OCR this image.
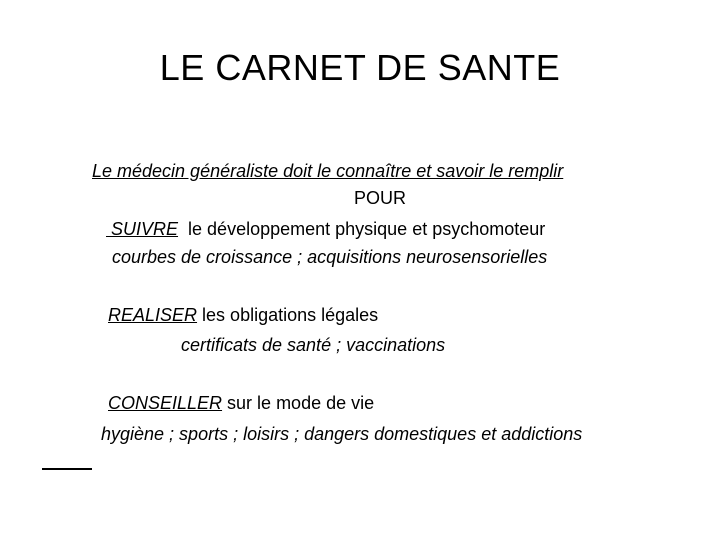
LE CARNET DE SANTE
Le médecin généraliste doit le connaître et savoir le remplir
POUR
SUIVRE  le développement physique et psychomoteur
courbes de croissance ; acquisitions neurosensorielles
REALISER les obligations légales
certificats de santé ; vaccinations
CONSEILLER sur le mode de vie
hygiène ; sports ; loisirs ; dangers domestiques et addictions
